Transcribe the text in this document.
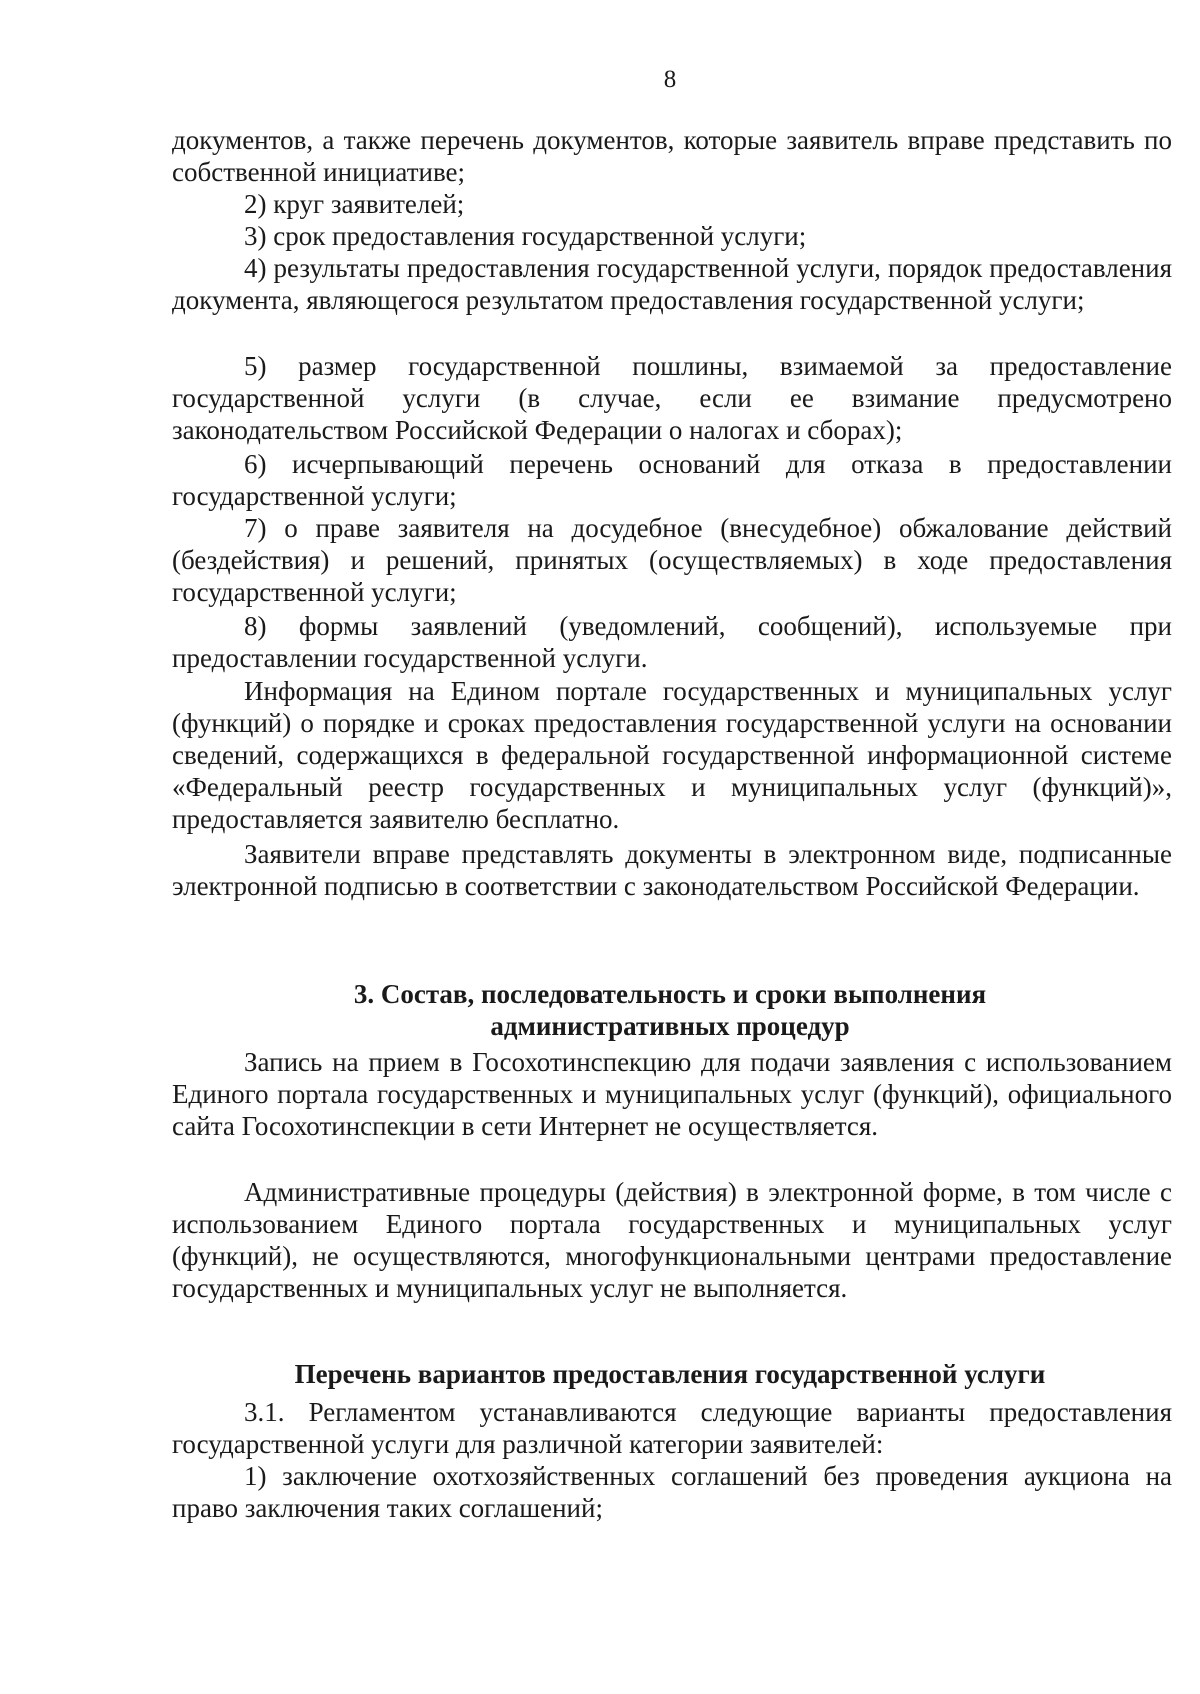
8

документов, а также перечень документов, которые заявитель вправе представить по собственной инициативе;

2) круг заявителей;

3) срок предоставления государственной услуги;

4) результаты предоставления государственной услуги, порядок предоставления документа, являющегося результатом предоставления государственной услуги;

5) размер государственной пошлины, взимаемой за предоставление государственной услуги (в случае, если ее взимание предусмотрено законодательством Российской Федерации о налогах и сборах);

6) исчерпывающий перечень оснований для отказа в предоставлении государственной услуги;

7) о праве заявителя на досудебное (внесудебное) обжалование действий (бездействия) и решений, принятых (осуществляемых) в ходе предоставления государственной услуги;

8) формы заявлений (уведомлений, сообщений), используемые при предоставлении государственной услуги.

Информация на Едином портале государственных и муниципальных услуг (функций) о порядке и сроках предоставления государственной услуги на основании сведений, содержащихся в федеральной государственной информационной системе «Федеральный реестр государственных и муниципальных услуг (функций)», предоставляется заявителю бесплатно.

Заявители вправе представлять документы в электронном виде, подписанные электронной подписью в соответствии с законодательством Российской Федерации.

3. Состав, последовательность и сроки выполнения
административных процедур

Запись на прием в Госохотинспекцию для подачи заявления с использованием Единого портала государственных и муниципальных услуг (функций), официального сайта Госохотинспекции в сети Интернет не осуществляется.

Административные процедуры (действия) в электронной форме, в том числе с использованием Единого портала государственных и муниципальных услуг (функций), не осуществляются, многофункциональными центрами предоставление государственных и муниципальных услуг не выполняется.

Перечень вариантов предоставления государственной услуги

3.1. Регламентом устанавливаются следующие варианты предоставления государственной услуги для различной категории заявителей:

1) заключение охотхозяйственных соглашений без проведения аукциона на право заключения таких соглашений;
